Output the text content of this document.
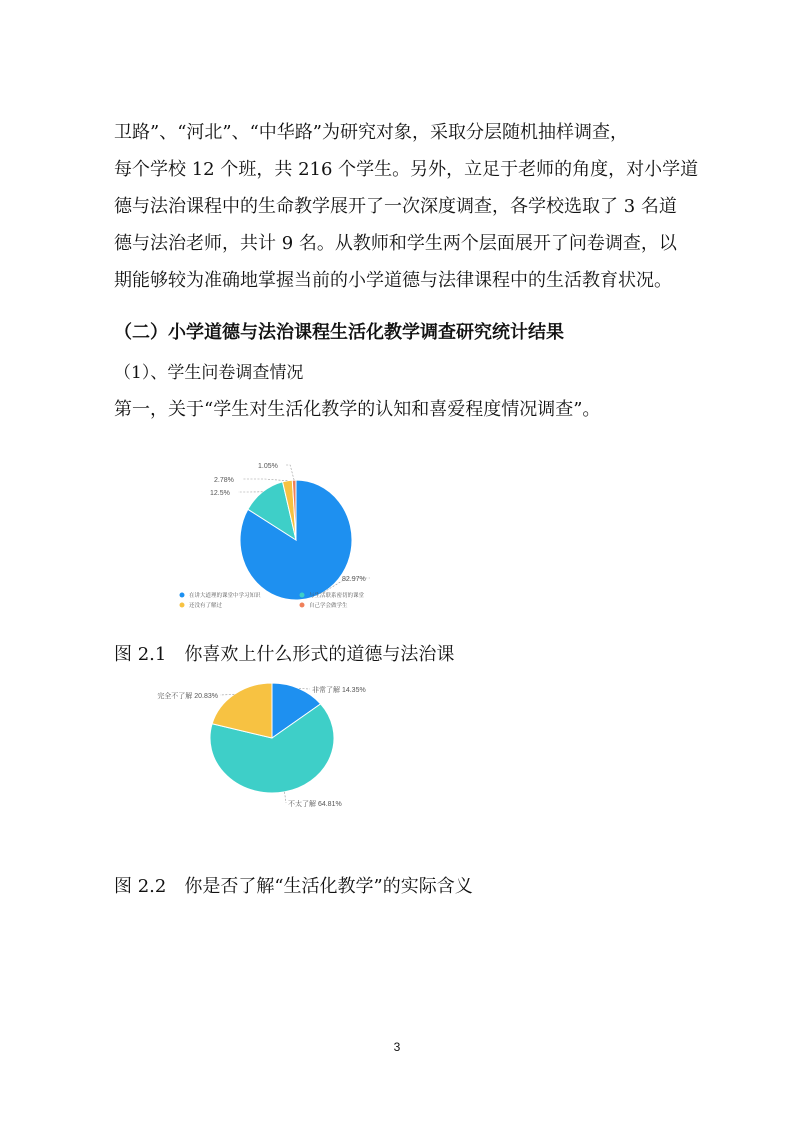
卫路”、“河北”、“中华路”为研究对象，采取分层随机抽样调查，

每个学校 12 个班，共 216 个学生。另外，立足于老师的角度，对小学道

德与法治课程中的生命教学展开了一次深度调查，各学校选取了 3 名道

德与法治老师，共计 9 名。从教师和学生两个层面展开了问卷调查，以

期能够较为准确地掌握当前的小学道德与法律课程中的生活教育状况。

（二）小学道德与法治课程生活化教学调查研究统计结果
（1）、学生问卷调查情况
第一，关于“学生对生活化教学的认知和喜爱程度情况调查”。
82.97%
12.5%
2.78%
1.05%
在讲大道理的课堂中学习知识	与生活联系密切的课堂
还没有了解过	自己学会做学生
图 2.1　你喜欢上什么形式的道德与法治课
非常了解 14.35%
不太了解 64.81%
完全不了解 20.83%
图 2.2　你是否了解“生活化教学”的实际含义
3
